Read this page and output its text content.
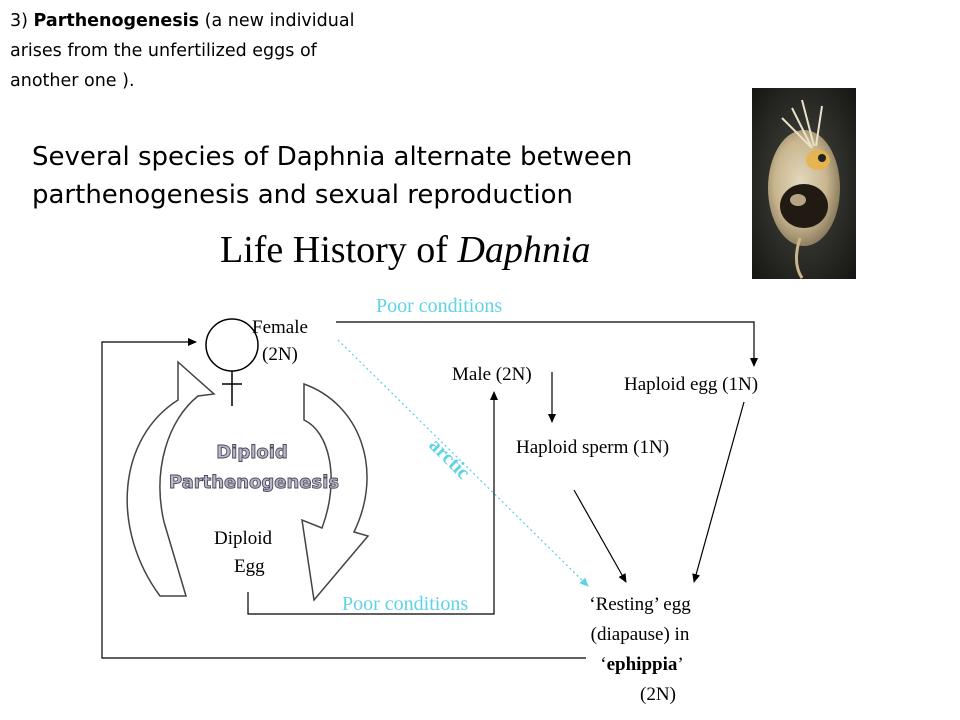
3) Parthenogenesis (a new individual
arises from the unfertilized eggs of
another one ).
Several species of Daphnia alternate between
parthenogenesis and sexual reproduction
Life History of Daphnia
Female
(2N)
Diploid
Parthenogenesis
Diploid
Egg
Poor conditions
arctic
Male (2N)	Haploid egg (1N)
Haploid sperm (1N)
Poor conditions	‘Resting’ egg
(diapause) in
‘ephippia’
(2N)
